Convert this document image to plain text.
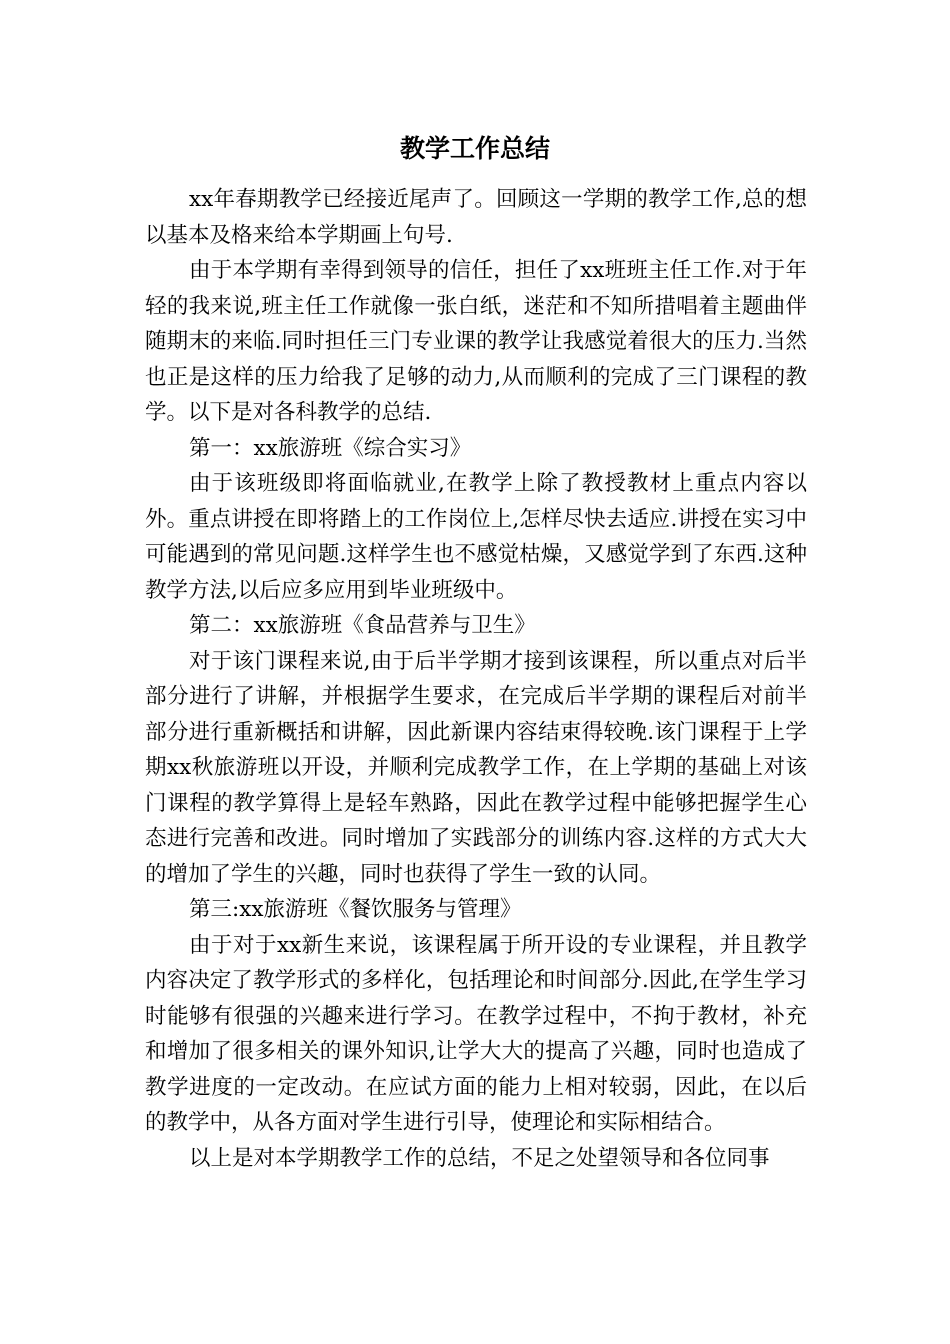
教学工作总结

xx年春期教学已经接近尾声了。回顾这一学期的教学工作,总的想以基本及格来给本学期画上句号.

由于本学期有幸得到领导的信任，担任了xx班班主任工作.对于年轻的我来说,班主任工作就像一张白纸，迷茫和不知所措唱着主题曲伴随期末的来临.同时担任三门专业课的教学让我感觉着很大的压力.当然也正是这样的压力给我了足够的动力,从而顺利的完成了三门课程的教学。以下是对各科教学的总结.

第一：xx旅游班《综合实习》

由于该班级即将面临就业,在教学上除了教授教材上重点内容以外。重点讲授在即将踏上的工作岗位上,怎样尽快去适应.讲授在实习中可能遇到的常见问题.这样学生也不感觉枯燥，又感觉学到了东西.这种教学方法,以后应多应用到毕业班级中。

第二：xx旅游班《食品营养与卫生》

对于该门课程来说,由于后半学期才接到该课程，所以重点对后半部分进行了讲解，并根据学生要求，在完成后半学期的课程后对前半部分进行重新概括和讲解，因此新课内容结束得较晚.该门课程于上学期xx秋旅游班以开设，并顺利完成教学工作，在上学期的基础上对该门课程的教学算得上是轻车熟路，因此在教学过程中能够把握学生心态进行完善和改进。同时增加了实践部分的训练内容.这样的方式大大的增加了学生的兴趣，同时也获得了学生一致的认同。

第三:xx旅游班《餐饮服务与管理》

由于对于xx新生来说，该课程属于所开设的专业课程，并且教学内容决定了教学形式的多样化，包括理论和时间部分.因此,在学生学习时能够有很强的兴趣来进行学习。在教学过程中，不拘于教材，补充和增加了很多相关的课外知识,让学大大的提高了兴趣，同时也造成了教学进度的一定改动。在应试方面的能力上相对较弱，因此，在以后的教学中，从各方面对学生进行引导，使理论和实际相结合。

以上是对本学期教学工作的总结，不足之处望领导和各位同事
